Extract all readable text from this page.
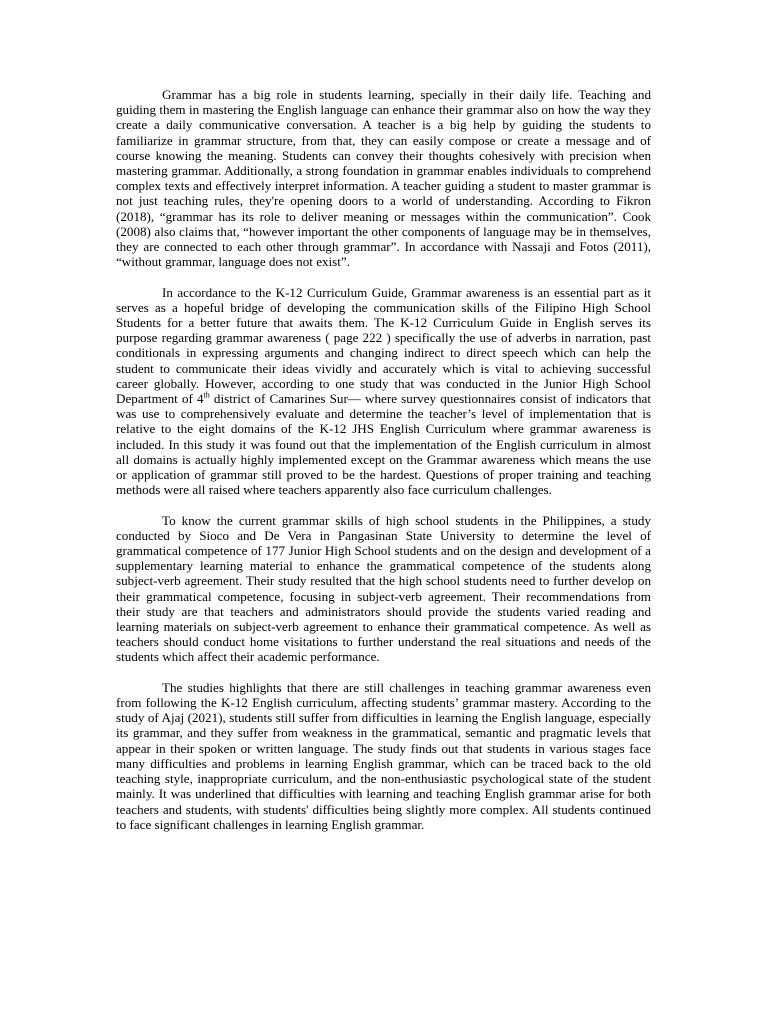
Grammar has a big role in students learning, specially in their daily life. Teaching and guiding them in mastering the English language can enhance their grammar also on how the way they create a daily communicative conversation. A teacher is a big help by guiding the students to familiarize in grammar structure, from that, they can easily compose or create a message and of course knowing the meaning. Students can convey their thoughts cohesively with precision when mastering grammar. Additionally, a strong foundation in grammar enables individuals to comprehend complex texts and effectively interpret information. A teacher guiding a student to master grammar is not just teaching rules, they're opening doors to a world of understanding. According to Fikron (2018), “grammar has its role to deliver meaning or messages within the communication”. Cook (2008) also claims that, “however important the other components of language may be in themselves, they are connected to each other through grammar”. In accordance with Nassaji and Fotos (2011), “without grammar, language does not exist”.

In accordance to the K-12 Curriculum Guide, Grammar awareness is an essential part as it serves as a hopeful bridge of developing the communication skills of the Filipino High School Students for a better future that awaits them. The K-12 Curriculum Guide in English serves its purpose regarding grammar awareness ( page 222 ) specifically the use of adverbs in narration, past conditionals in expressing arguments and changing indirect to direct speech which can help the student to communicate their ideas vividly and accurately which is vital to achieving successful career globally. However, according to one study that was conducted in the Junior High School Department of 4th district of Camarines Sur— where survey questionnaires consist of indicators that was use to comprehensively evaluate and determine the teacher’s level of implementation that is relative to the eight domains of the K-12 JHS English Curriculum where grammar awareness is included. In this study it was found out that the implementation of the English curriculum in almost all domains is actually highly implemented except on the Grammar awareness which means the use or application of grammar still proved to be the hardest. Questions of proper training and teaching methods were all raised where teachers apparently also face curriculum challenges.

To know the current grammar skills of high school students in the Philippines, a study conducted by Sioco and De Vera in Pangasinan State University to determine the level of grammatical competence of 177 Junior High School students and on the design and development of a supplementary learning material to enhance the grammatical competence of the students along subject-verb agreement. Their study resulted that the high school students need to further develop on their grammatical competence, focusing in subject-verb agreement. Their recommendations from their study are that teachers and administrators should provide the students varied reading and learning materials on subject-verb agreement to enhance their grammatical competence. As well as teachers should conduct home visitations to further understand the real situations and needs of the students which affect their academic performance.

The studies highlights that there are still challenges in teaching grammar awareness even from following the K-12 English curriculum, affecting students’ grammar mastery. According to the study of Ajaj (2021), students still suffer from difficulties in learning the English language, especially its grammar, and they suffer from weakness in the grammatical, semantic and pragmatic levels that appear in their spoken or written language. The study finds out that students in various stages face many difficulties and problems in learning English grammar, which can be traced back to the old teaching style, inappropriate curriculum, and the non-enthusiastic psychological state of the student mainly. It was underlined that difficulties with learning and teaching English grammar arise for both teachers and students, with students' difficulties being slightly more complex. All students continued to face significant challenges in learning English grammar.
